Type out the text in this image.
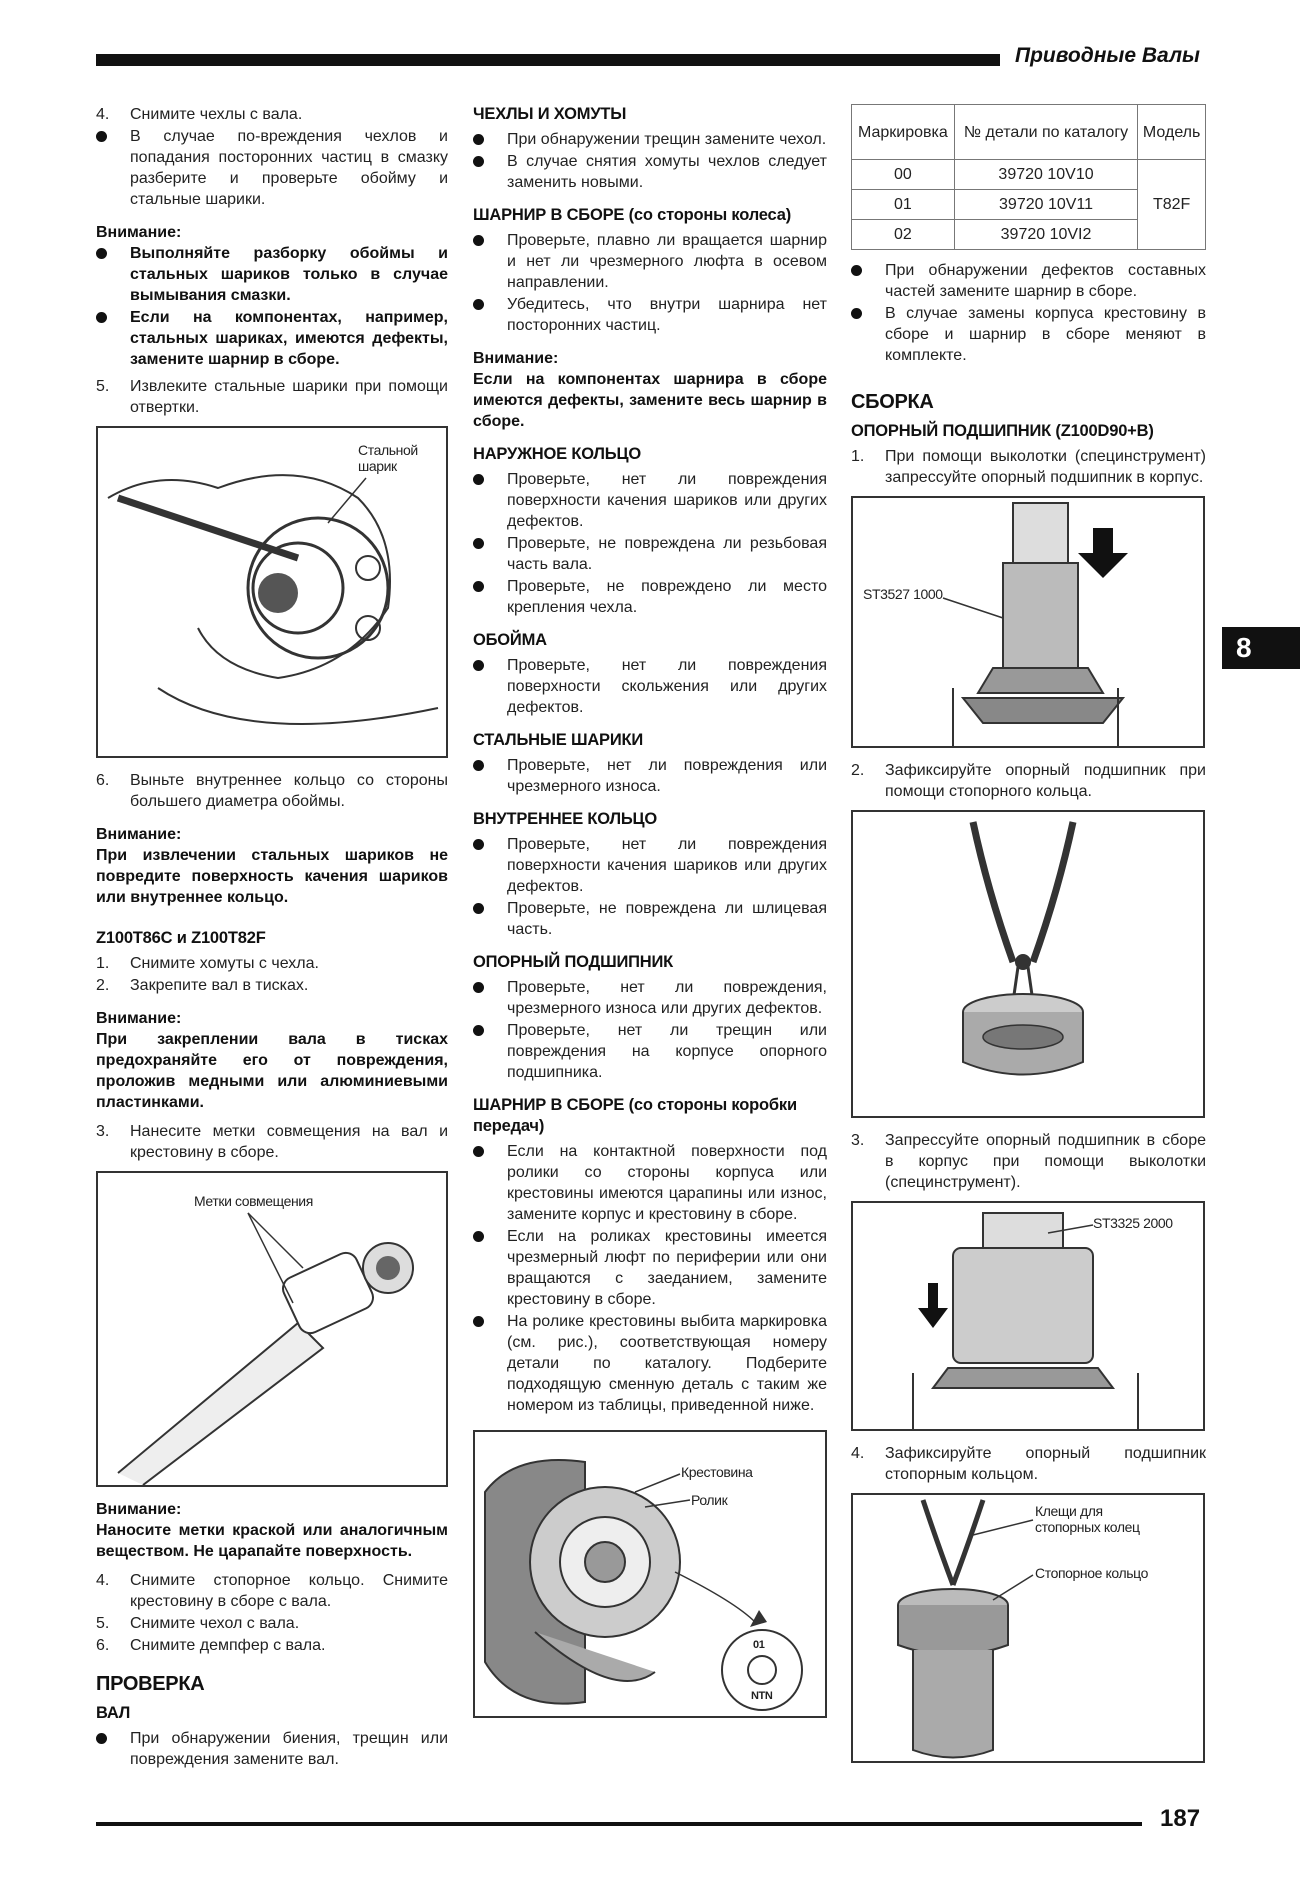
Приводные Валы
8
4.	Снимите чехлы с вала.
В случае по-вреждения чехлов и попадания посторонних частиц в смазку разберите и проверьте обойму и стальные шарики.
Внимание:
Выполняйте разборку обоймы и стальных шариков только в случае вымывания смазки.
Если на компонентах, например, стальных шариках, имеются дефекты, замените шарнир в сборе.
5.	Извлеките стальные шарики при помощи отвертки.
Стальной шарик
6.	Выньте внутреннее кольцо со стороны большего диаметра обоймы.
Внимание:
При извлечении стальных шариков не повредите поверхность качения шариков или внутреннее кольцо.
Z100T86C и Z100T82F
1.	Снимите хомуты с чехла.
2.	Закрепите вал в тисках.
Внимание:
При закреплении вала в тисках предохраняйте его от повреждения, проложив медными или алюминиевыми пластинками.
3.	Нанесите метки совмещения на вал и крестовину в сборе.
Метки совмещения
Внимание:
Наносите метки краской или аналогичным веществом. Не царапайте поверхность.
4.	Снимите стопорное кольцо. Снимите крестовину в сборе с вала.
5.	Снимите чехол с вала.
6.	Снимите демпфер с вала.
ПРОВЕРКА
ВАЛ
При обнаружении биения, трещин или повреждения замените вал.
ЧЕХЛЫ И ХОМУТЫ
При обнаружении трещин замените чехол.
В случае снятия хомуты чехлов следует заменить новыми.
ШАРНИР В СБОРЕ (со стороны колеса)
Проверьте, плавно ли вращается шарнир и нет ли чрезмерного люфта в осевом направлении.
Убедитесь, что внутри шарнира нет посторонних частиц.
Внимание:
Если на компонентах шарнира в сборе имеются дефекты, замените весь шарнир в сборе.
НАРУЖНОЕ КОЛЬЦО
Проверьте, нет ли повреждения поверхности качения шариков или других дефектов.
Проверьте, не повреждена ли резьбовая часть вала.
Проверьте, не повреждено ли место крепления чехла.
ОБОЙМА
Проверьте, нет ли повреждения поверхности скольжения или других дефектов.
СТАЛЬНЫЕ ШАРИКИ
Проверьте, нет ли повреждения или чрезмерного износа.
ВНУТРЕННЕЕ КОЛЬЦО
Проверьте, нет ли повреждения поверхности качения шариков или других дефектов.
Проверьте, не повреждена ли шлицевая часть.
ОПОРНЫЙ ПОДШИПНИК
Проверьте, нет ли повреждения, чрезмерного износа или других дефектов.
Проверьте, нет ли трещин или повреждения на корпусе опорного подшипника.
ШАРНИР В СБОРЕ (со стороны коробки передач)
Если на контактной поверхности под ролики со стороны корпуса или крестовины имеются царапины или износ, замените корпус и крестовину в сборе.
Если на роликах крестовины имеется чрезмерный люфт по периферии или они вращаются с заеданием, замените крестовину в сборе.
На ролике крестовины выбита маркировка (см. рис.), соответствующая номеру детали по каталогу. Подберите подходящую сменную деталь с таким же номером из таблицы, приведенной ниже.
Крестовина
Ролик
01
NTN
Маркировка	№ детали по каталогу	Модель
00	39720 10V10	T82F
01	39720 10V11	
02	39720 10VI2	
При обнаружении дефектов составных частей замените шарнир в сборе.
В случае замены корпуса крестовину в сборе и шарнир в сборе меняют в комплекте.
СБОРКА
ОПОРНЫЙ ПОДШИПНИК (Z100D90+B)
1.	При помощи выколотки (специнструмент) запрессуйте опорный подшипник в корпус.
ST3527 1000
2.	Зафиксируйте опорный подшипник при помощи стопорного кольца.
3.	Запрессуйте опорный подшипник в сборе в корпус при помощи выколотки (специнструмент).
ST3325 2000
4.	Зафиксируйте опорный подшипник стопорным кольцом.
Клещи для стопорных колец
Стопорное кольцо
187
